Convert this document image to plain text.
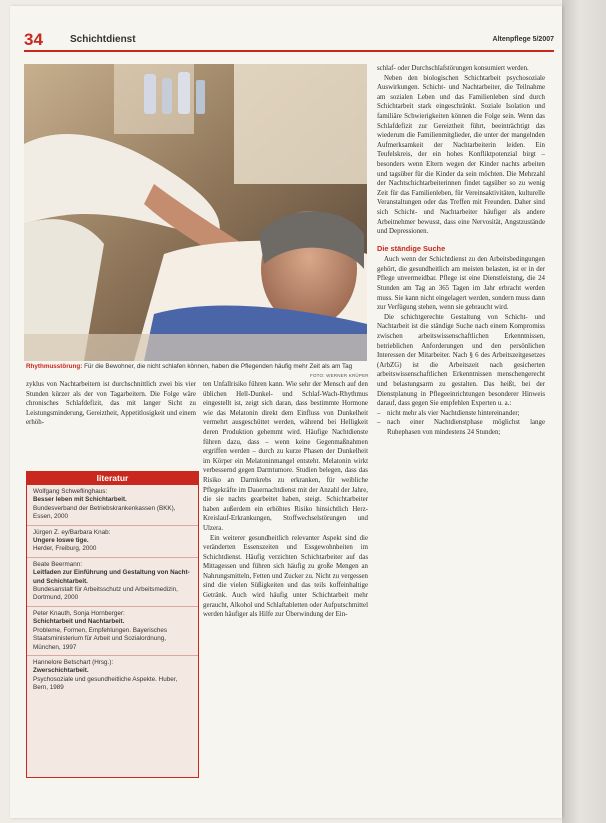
34	Schichtdienst	Altenpflege 5/2007
Rhythmusstörung: Für die Bewohner, die nicht schlafen können, haben die Pflegenden häufig mehr Zeit als am Tag
FOTO: WERNER KRÜPER

zyklus von Nachtarbeitern ist durchschnittlich zwei bis vier Stunden kürzer als der von Tagarbeitern. Die Folge wäre chronisches Schlafdefizit, das mit langer Sicht zu Leistungsminderung, Gereiztheit, Appetitlosigkeit und einem erhöh-

literatur
Wolfgang Schweflinghaus:
Besser leben mit Schichtarbeit.
Bundesverband der Betriebskrankenkassen (BKK), Essen, 2000
Jürgen Z. ey/Barbara Knab:
Ungere loswe tige.
Herder, Freiburg, 2000
Beate Beermann:
Leitfaden zur Einführung und Gestaltung von Nacht- und Schichtarbeit.
Bundesanstalt für Arbeitsschutz und Arbeitsmedizin, Dortmund, 2000
Peter Knauth, Sonja Hornberger:
Schichtarbeit und Nachtarbeit.
Probleme, Formen, Empfehlungen. Bayerisches Staatsministerium für Arbeit und Sozialordnung, München, 1997
Hannelore Betschart (Hrsg.):
Zwerschichtarbeit.
Psychosoziale und gesundheitliche Aspekte. Huber, Bern, 1989

ten Unfallrisiko führen kann. Wie sehr der Mensch auf den üblichen Hell-Dunkel- und Schlaf-Wach-Rhythmus eingestellt ist, zeigt sich daran, dass bestimmte Hormone wie das Melatonin direkt dem Einfluss von Dunkelheit vermehrt ausgeschüttet werden, während bei Helligkeit deren Produktion gehemmt wird. Häufige Nachtdienste führen dazu, dass – wenn keine Gegenmaßnahmen ergriffen werden – durch zu kurze Phasen der Dunkelheit im Körper ein Melatoninmangel entsteht. Melatonin wirkt verbessernd gegen Darmtumore. Studien belegen, dass das Risiko an Darmkrebs zu erkranken, für weibliche Pflegekräfte im Dauernachtdienst mit der Anzahl der Jahre, die sie nachts gearbeitet haben, steigt. Schichtarbeiter haben außerdem ein erhöhtes Risiko hinsichtlich Herz-Kreislauf-Erkrankungen, Stoffwechselstörungen und Ulzera.

Ein weiterer gesundheitlich relevanter Aspekt sind die veränderten Essenszeiten und Essgewohnheiten im Schichtdienst. Häufig verzichten Schichtarbeiter auf das Mittagessen und führen sich häufig zu große Mengen an Nahrungsmitteln, Fetten und Zucker zu. Nicht zu vergessen sind die vielen Süßigkeiten und das teils koffeinhaltige Getränk. Auch wird häufig unter Schichtarbeit mehr geraucht, Alkohol und Schlaftabletten oder Aufputschmittel werden häufiger als Hilfe zur Überwindung der Ein-

schlaf- oder Durchschlafstörungen konsumiert werden.

Neben den biologischen Schichtarbeit psychosoziale Auswirkungen. Schicht- und Nachtarbeiter, die Teilnahme am sozialen Leben und das Familienleben sind durch Schichtarbeit stark eingeschränkt. Soziale Isolation und familiäre Schwierigkeiten können die Folge sein. Wenn das Schlafdefizit zur Gereiztheit führt, beeinträchtigt das wiederum die Familienmitglieder, die unter der mangelnden Aufmerksamkeit der Nachtarbeiterin leiden. Ein Teufelskreis, der ein hohes Konfliktpotenzial birgt – besonders wenn Eltern wegen der Kinder nachts arbeiten und tagsüber für die Kinder da sein möchten. Die Mehrzahl der Nachtschichtarbeiterinnen findet tagsüber so zu wenig Zeit für das Familienleben, für Vereinsaktivitäten, kulturelle Veranstaltungen oder das Treffen mit Freunden. Daher sind sich Schicht- und Nachtarbeiter häufiger als andere Arbeitnehmer bewusst, dass eine Nervosität, Angstzustände und Depressionen.

Die ständige Suche

Auch wenn der Schichtdienst zu den Arbeitsbedingungen gehört, die gesundheitlich am meisten belasten, ist er in der Pflege unvermeidbar. Pflege ist eine Dienstleistung, die 24 Stunden am Tag an 365 Tagen im Jahr erbracht werden muss. Sie kann nicht eingelagert werden, sondern muss dann zur Verfügung stehen, wenn sie gebraucht wird.

Die schichtgerechte Gestaltung von Schicht- und Nachtarbeit ist die ständige Suche nach einem Kompromiss zwischen arbeitswissenschaftlichen Erkenntnissen, betrieblichen Anforderungen und den persönlichen Interessen der Mitarbeiter. Nach § 6 des Arbeitszeitgesetzes (ArbZG) ist die Arbeitszeit nach gesicherten arbeitswissenschaftlichen Erkenntnissen menschengerecht und belastungsarm zu gestalten. Das heißt, bei der Dienstplanung in Pflegeeinrichtungen besonderer Hinweis darauf, dass gegen Sie empfehlen Experten u. a.:

– nicht mehr als vier Nachtdienste hintereinander;
– nach einer Nachtdienstphase möglichst lange Ruhephasen von mindestens 24 Stunden;
